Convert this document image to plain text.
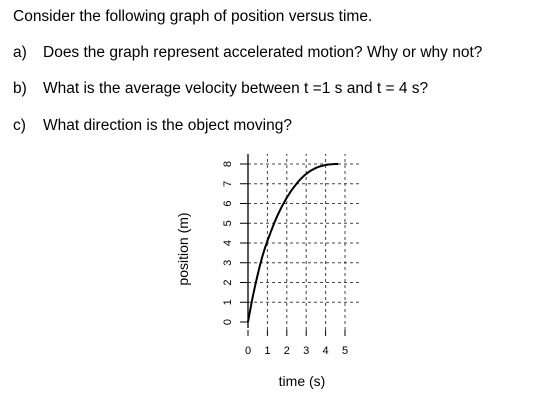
Consider the following graph of position versus time.
a) Does the graph represent accelerated motion? Why or why not?
b) What is the average velocity between t =1 s and t = 4 s?
c) What direction is the object moving?
0
1
2
3
4
5
6
7
8
0 1 2 3 4 5
position (m)
time (s)
